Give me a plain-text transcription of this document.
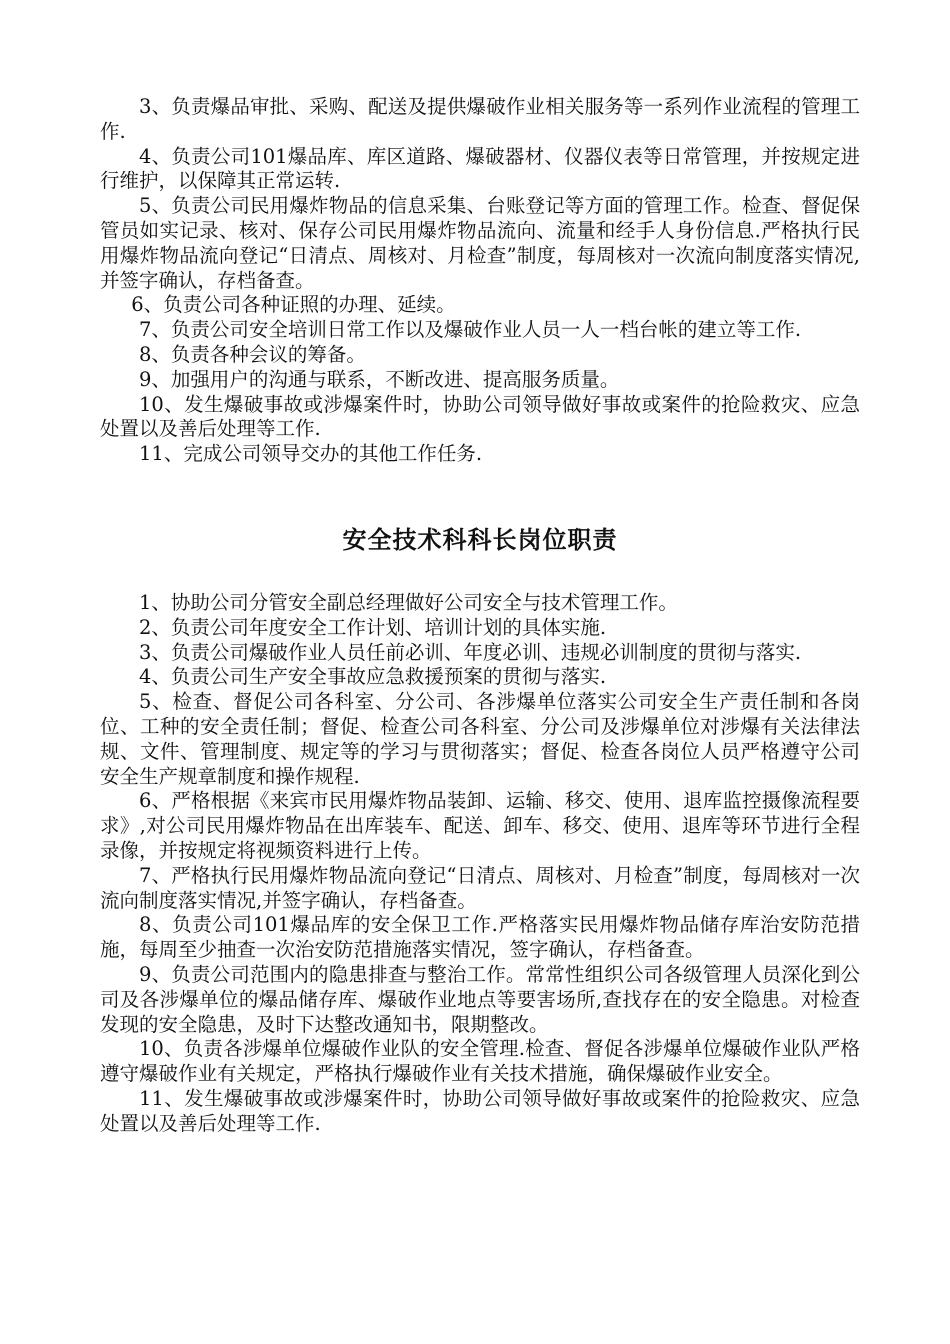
3、负责爆品审批、采购、配送及提供爆破作业相关服务等一系列作业流程的管理工作.

4、负责公司101爆品库、库区道路、爆破器材、仪器仪表等日常管理，并按规定进行维护，以保障其正常运转.

5、负责公司民用爆炸物品的信息采集、台账登记等方面的管理工作。检查、督促保管员如实记录、核对、保存公司民用爆炸物品流向、流量和经手人身份信息.严格执行民用爆炸物品流向登记“日清点、周核对、月检查”制度，每周核对一次流向制度落实情况,并签字确认，存档备查。

6、负责公司各种证照的办理、延续。

7、负责公司安全培训日常工作以及爆破作业人员一人一档台帐的建立等工作.

8、负责各种会议的筹备。

9、加强用户的沟通与联系，不断改进、提高服务质量。

10、发生爆破事故或涉爆案件时，协助公司领导做好事故或案件的抢险救灾、应急处置以及善后处理等工作.

11、完成公司领导交办的其他工作任务.

安全技术科科长岗位职责

1、协助公司分管安全副总经理做好公司安全与技术管理工作。

2、负责公司年度安全工作计划、培训计划的具体实施.

3、负责公司爆破作业人员任前必训、年度必训、违规必训制度的贯彻与落实.

4、负责公司生产安全事故应急救援预案的贯彻与落实.

5、检查、督促公司各科室、分公司、各涉爆单位落实公司安全生产责任制和各岗位、工种的安全责任制；督促、检查公司各科室、分公司及涉爆单位对涉爆有关法律法规、文件、管理制度、规定等的学习与贯彻落实；督促、检查各岗位人员严格遵守公司安全生产规章制度和操作规程.

6、严格根据《来宾市民用爆炸物品装卸、运输、移交、使用、退库监控摄像流程要求》,对公司民用爆炸物品在出库装车、配送、卸车、移交、使用、退库等环节进行全程录像，并按规定将视频资料进行上传。

7、严格执行民用爆炸物品流向登记“日清点、周核对、月检查”制度，每周核对一次流向制度落实情况,并签字确认，存档备查。

8、负责公司101爆品库的安全保卫工作.严格落实民用爆炸物品储存库治安防范措施，每周至少抽查一次治安防范措施落实情况，签字确认，存档备查。

9、负责公司范围内的隐患排查与整治工作。常常性组织公司各级管理人员深化到公司及各涉爆单位的爆品储存库、爆破作业地点等要害场所,查找存在的安全隐患。对检查发现的安全隐患，及时下达整改通知书，限期整改。

10、负责各涉爆单位爆破作业队的安全管理.检查、督促各涉爆单位爆破作业队严格遵守爆破作业有关规定，严格执行爆破作业有关技术措施，确保爆破作业安全。

11、发生爆破事故或涉爆案件时，协助公司领导做好事故或案件的抢险救灾、应急处置以及善后处理等工作.
